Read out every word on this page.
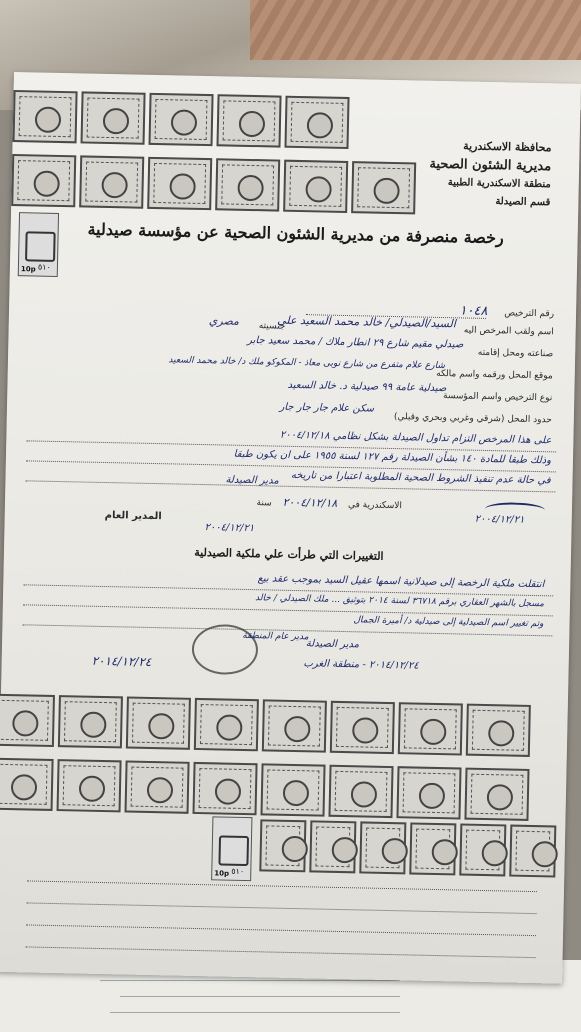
محافظة الاسكندرية
مديرية الشئون الصحية
منطقة الاسكندرية الطبية
قسم الصيدلة
10p ٥١٠
رخصة منصرفة من مديرية الشئون الصحية عن مؤسسة صيدلية
رقم الترخيص ١٠٤٨
اسم ولقب المرخص اليه
السيد/الصيدلي/ خالد محمد السعيد علي
جنسيته
مصري
صناعته ومحل إقامته
صيدلي مقيم شارع ٢٩ انطار ملاك / محمد سعيد جابر
موقع المحل ورقمه واسم مالكه
شارع علام متفرع من شارع نوبى معاذ - المكوكو ملك د/ خالد محمد السعيد
نوع الترخيص واسم المؤسسة
صيدلية عامة ٩٩ صيدلية د. خالد السعيد
حدود المحل (شرقي وغربي وبحري وقبلي)
سكن علام جار جار جار
على هذا المرخص التزام تداول الصيدلة بشكل نظامي ٢٠٠٤/١٢/١٨
وذلك طبقا للمادة ١٤٠ بشأن الصيدلة رقم ١٢٧ لسنة ١٩٥٥ على ان يكون طبقا
في حالة عدم تنفيذ الشروط الصحية المطلوبة اعتبارا من تاريخه
الاسكندرية في ٢٠٠٤/١٢/١٨ سنة
مدير الصيدلة
المدير العام
٢٠٠٤/١٢/٢١
٢٠٠٤/١٢/٢١
التغييرات التي طرأت علي ملكية الصيدلية
انتقلت ملكية الرخصة إلى صيدلانية اسمها عقيل السيد بموجب عقد بيع
مسجل بالشهر العقاري برقم ٣٦٧١٨ لسنة ٢٠١٤ بتوثيق ... ملك الصيدلي / خالد
وتم تغيير اسم الصيدلية إلى صيدلية د/ أميرة الجمال
مدير عام المنطقة
مدير الصيدلة
٢٠١٤/١٢/٢٤ - منطقة الغرب
٢٠١٤/١٢/٢٤
10p ٥١٠
